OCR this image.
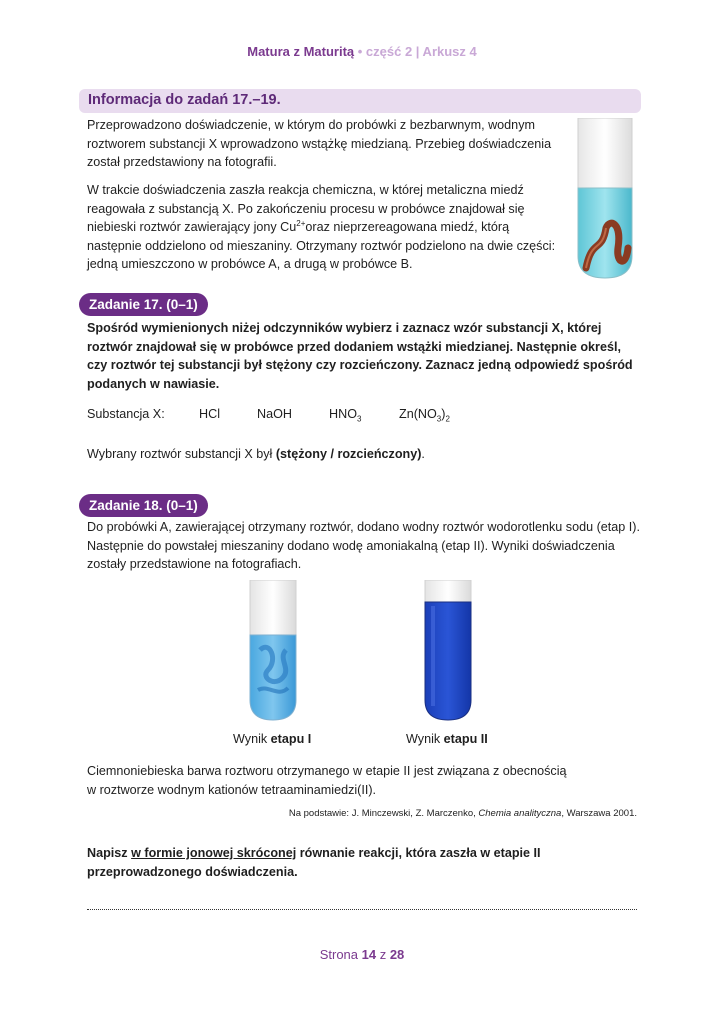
Matura z Maturitą • część 2 | Arkusz 4
Informacja do zadań 17.–19.
Przeprowadzono doświadczenie, w którym do probówki z bezbarwnym, wodnym roztworem substancji X wprowadzono wstążkę miedzianą. Przebieg doświadczenia został przedstawiony na fotografii.
W trakcie doświadczenia zaszła reakcja chemiczna, w której metaliczna miedź reagowała z substancją X. Po zakończeniu procesu w probówce znajdował się niebieski roztwór zawierający jony $Cu^{2+}oraz$ nieprzereagowana miedź, którą następnie oddzielono od mieszaniny. Otrzymany roztwór podzielono na dwie części: jedną umieszczono w probówce A, a drugą w probówce B.
Zadanie 17. (0–1)
Spośród wymienionych niżej odczynników wybierz i zaznacz wzór substancji X, której roztwór znajdował się w probówce przed dodaniem wstążki miedzianej. Następnie określ, czy roztwór tej substancji był stężony czy rozcieńczony. Zaznacz jedną odpowiedź spośród podanych w nawiasie.
Substancja X:	HCl	NaOH	$HNO_3$	$Zn(NO_3)_2$
Wybrany roztwór substancji X był (stężony / rozcieńczony).
Zadanie 18. (0–1)
Do probówki A, zawierającej otrzymany roztwór, dodano wodny roztwór wodorotlenku sodu (etap I). Następnie do powstałej mieszaniny dodano wodę amoniakalną (etap II). Wyniki doświadczenia zostały przedstawione na fotografiach.
Wynik etapu I	Wynik etapu II
Ciemnoniebieska barwa roztworu otrzymanego w etapie II jest związana z obecnością w roztworze wodnym kationów tetraaminamiedzi(II).
Na podstawie: J. Minczewski, Z. Marczenko, Chemia analityczna, Warszawa 2001.
Napisz w formie jonowej skróconej równanie reakcji, która zaszła w etapie II przeprowadzonego doświadczenia.
Strona 14 z 28
